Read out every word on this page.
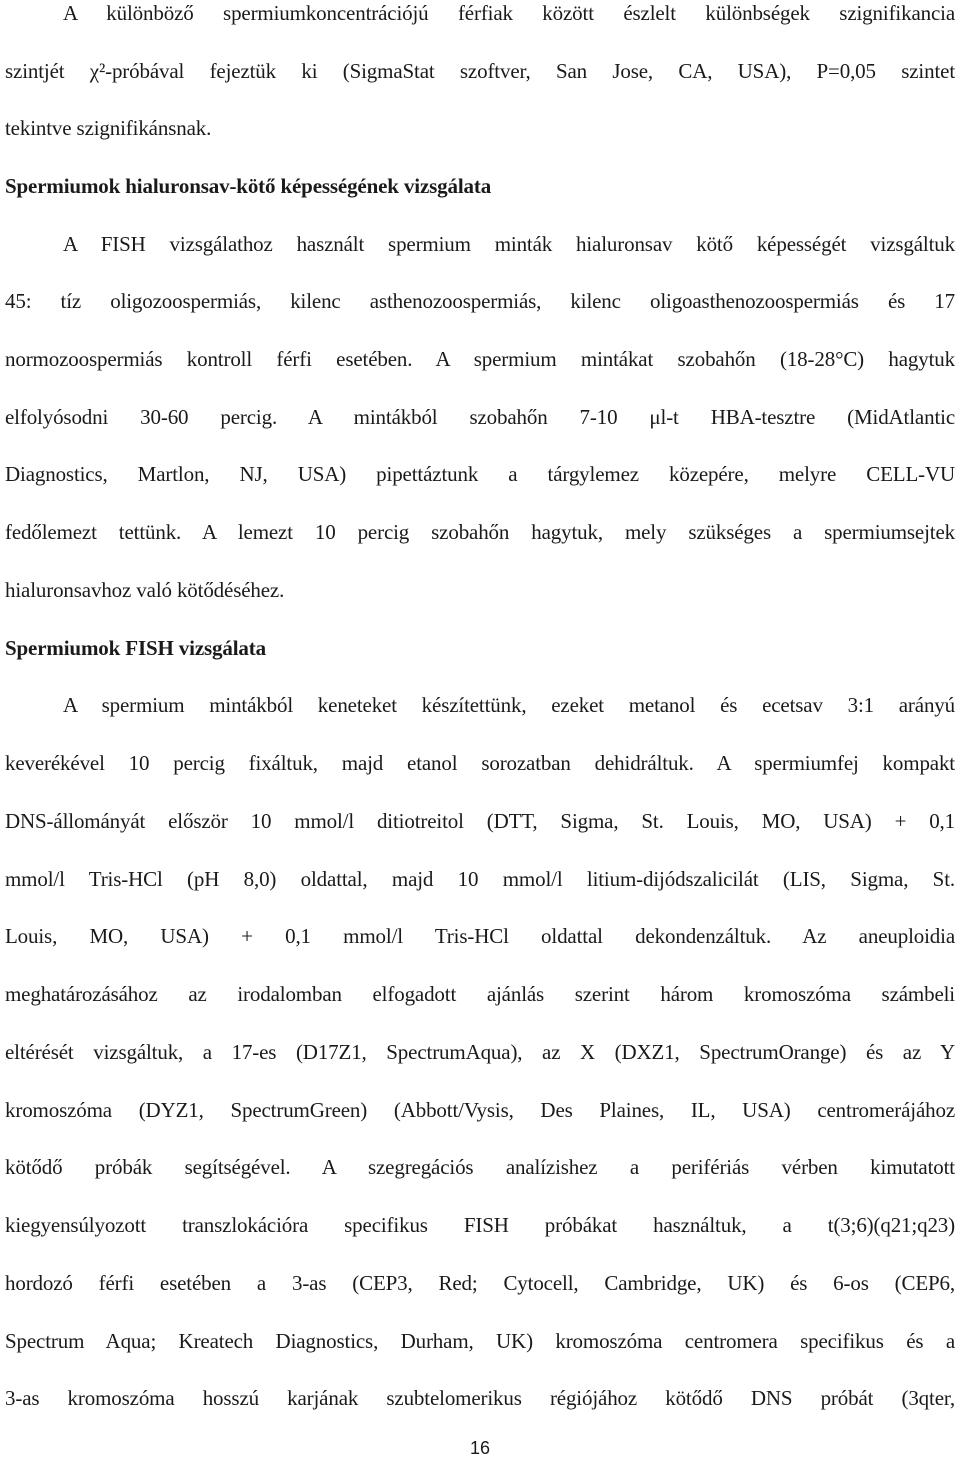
A különböző spermiumkoncentrációjú férfiak között észlelt különbségek szignifikancia
szintjét χ²-próbával fejeztük ki (SigmaStat szoftver, San Jose, CA, USA), P=0,05 szintet
tekintve szignifikánsnak.
Spermiumok hialuronsav-kötő képességének vizsgálata
A FISH vizsgálathoz használt spermium minták hialuronsav kötő képességét vizsgáltuk
45: tíz oligozoospermiás, kilenc asthenozoospermiás, kilenc oligoasthenozoospermiás és 17
normozoospermiás kontroll férfi esetében. A spermium mintákat szobahőn (18-28°C) hagytuk
elfolyósodni 30-60 percig. A mintákból szobahőn 7-10 μl-t HBA-tesztre (MidAtlantic
Diagnostics, Martlon, NJ, USA) pipettáztunk a tárgylemez közepére, melyre CELL-VU
fedőlemezt tettünk. A lemezt 10 percig szobahőn hagytuk, mely szükséges a spermiumsejtek
hialuronsavhoz való kötődéséhez.
Spermiumok FISH vizsgálata
A spermium mintákból keneteket készítettünk, ezeket metanol és ecetsav 3:1 arányú
keverékével 10 percig fixáltuk, majd etanol sorozatban dehidráltuk. A spermiumfej kompakt
DNS-állományát először 10 mmol/l ditiotreitol (DTT, Sigma, St. Louis, MO, USA) + 0,1
mmol/l Tris-HCl (pH 8,0) oldattal, majd 10 mmol/l litium-dijódszalicilát (LIS, Sigma, St.
Louis, MO, USA) + 0,1 mmol/l Tris-HCl oldattal dekondenzáltuk. Az aneuploidia
meghatározásához az irodalomban elfogadott ajánlás szerint három kromoszóma számbeli
eltérését vizsgáltuk, a 17-es (D17Z1, SpectrumAqua), az X (DXZ1, SpectrumOrange) és az Y
kromoszóma (DYZ1, SpectrumGreen) (Abbott/Vysis, Des Plaines, IL, USA) centromerájához
kötődő próbák segítségével. A szegregációs analízishez a perifériás vérben kimutatott
kiegyensúlyozott transzlokációra specifikus FISH próbákat használtuk, a t(3;6)(q21;q23)
hordozó férfi esetében a 3-as (CEP3, Red; Cytocell, Cambridge, UK) és 6-os (CEP6,
Spectrum Aqua; Kreatech Diagnostics, Durham, UK) kromoszóma centromera specifikus és a
3-as kromoszóma hosszú karjának szubtelomerikus régiójához kötődő DNS próbát (3qter,
16
